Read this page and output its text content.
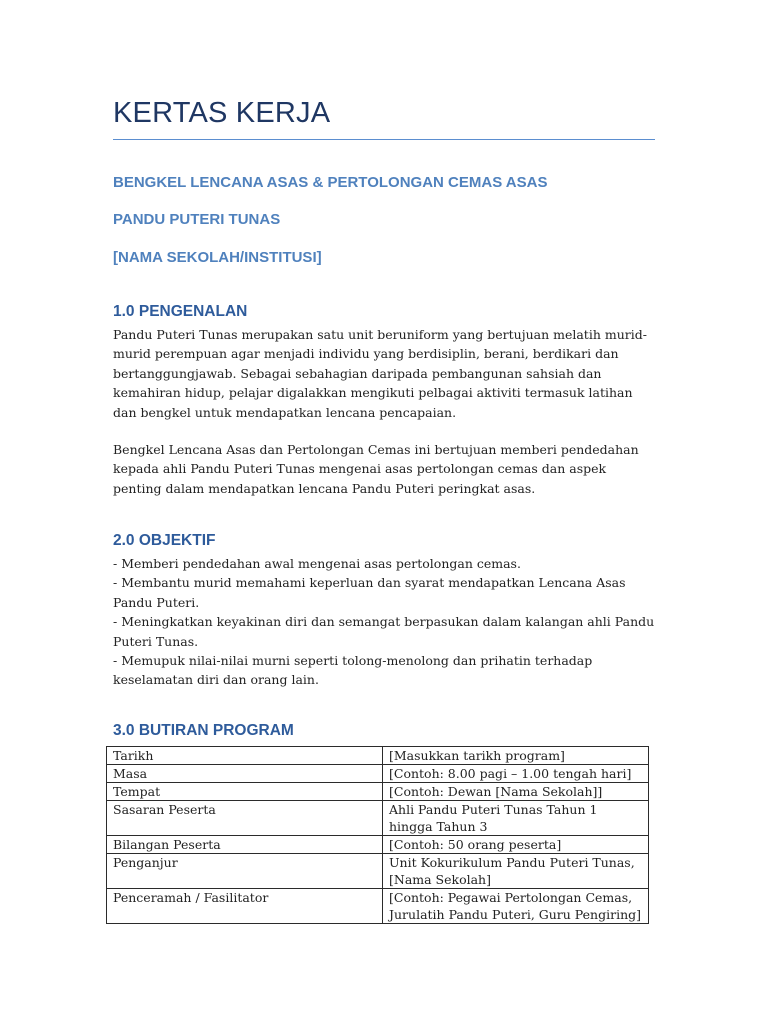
KERTAS KERJA

BENGKEL LENCANA ASAS & PERTOLONGAN CEMAS ASAS

PANDU PUTERI TUNAS

[NAMA SEKOLAH/INSTITUSI]

1.0 PENGENALAN

Pandu Puteri Tunas merupakan satu unit beruniform yang bertujuan melatih murid-murid perempuan agar menjadi individu yang berdisiplin, berani, berdikari dan bertanggungjawab. Sebagai sebahagian daripada pembangunan sahsiah dan kemahiran hidup, pelajar digalakkan mengikuti pelbagai aktiviti termasuk latihan dan bengkel untuk mendapatkan lencana pencapaian.

Bengkel Lencana Asas dan Pertolongan Cemas ini bertujuan memberi pendedahan kepada ahli Pandu Puteri Tunas mengenai asas pertolongan cemas dan aspek penting dalam mendapatkan lencana Pandu Puteri peringkat asas.

2.0 OBJEKTIF
- Memberi pendedahan awal mengenai asas pertolongan cemas.
- Membantu murid memahami keperluan dan syarat mendapatkan Lencana Asas Pandu Puteri.
- Meningkatkan keyakinan diri dan semangat berpasukan dalam kalangan ahli Pandu Puteri Tunas.
- Memupuk nilai-nilai murni seperti tolong-menolong dan prihatin terhadap keselamatan diri dan orang lain.
3.0 BUTIRAN PROGRAM
Tarikh	[Masukkan tarikh program]
Masa	[Contoh: 8.00 pagi – 1.00 tengah hari]
Tempat	[Contoh: Dewan [Nama Sekolah]]
Sasaran Peserta	Ahli Pandu Puteri Tunas Tahun 1 hingga Tahun 3
Bilangan Peserta	[Contoh: 50 orang peserta]
Penganjur	Unit Kokurikulum Pandu Puteri Tunas, [Nama Sekolah]
Penceramah / Fasilitator	[Contoh: Pegawai Pertolongan Cemas, Jurulatih Pandu Puteri, Guru Pengiring]
